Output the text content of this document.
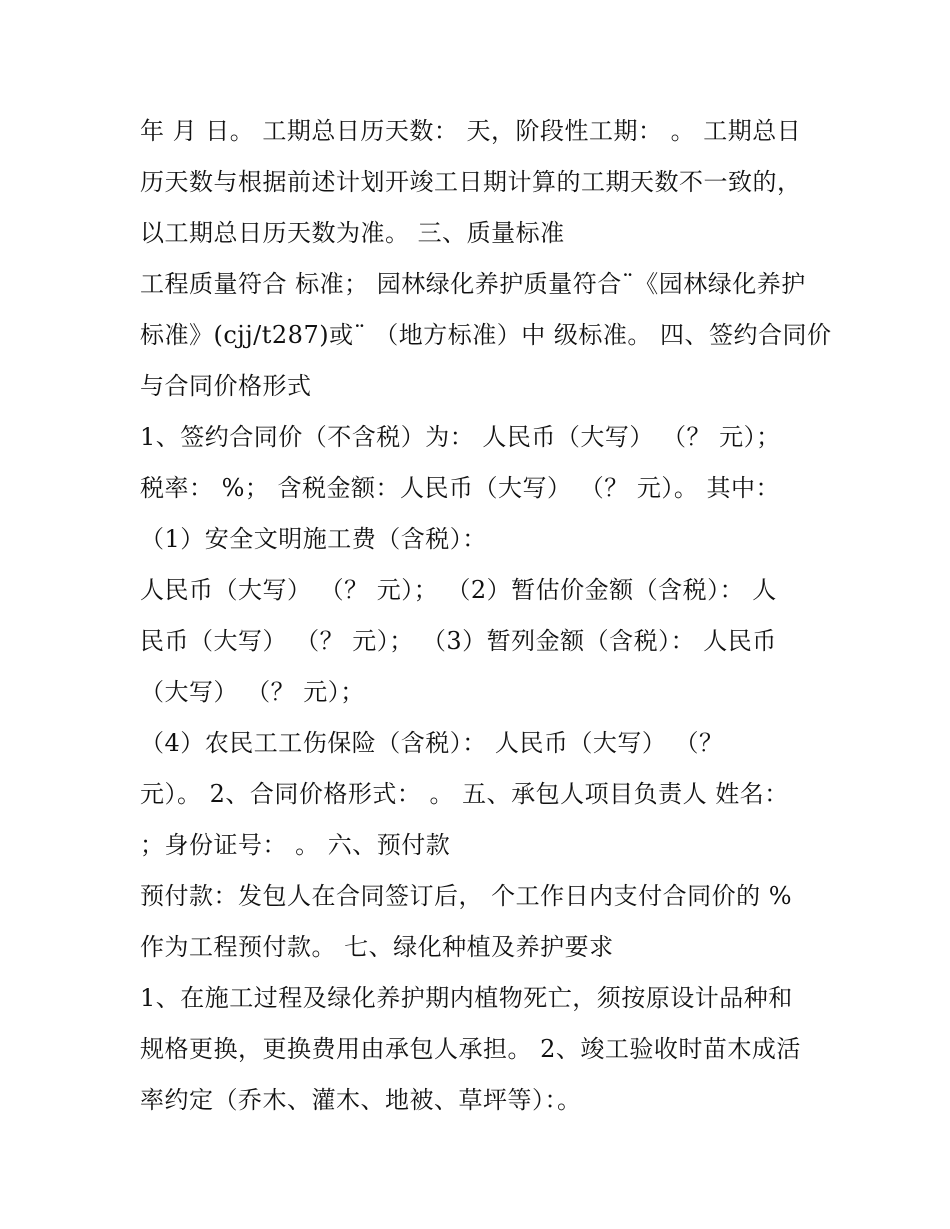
年 月 日。 工期总日历天数： 天，阶段性工期： 。 工期总日
历天数与根据前述计划开竣工日期计算的工期天数不一致的，
以工期总日历天数为准。 三、质量标准
工程质量符合 标准； 园林绿化养护质量符合¨《园林绿化养护
标准》(cjj/t287)或¨ （地方标准）中 级标准。 四、签约合同价
与合同价格形式
1、签约合同价（不含税）为： 人民币（大写） （？ 元）；
税率： %； 含税金额：人民币（大写） （？ 元）。 其中：
（1）安全文明施工费（含税）：
人民币（大写） （？ 元）； （2）暂估价金额（含税）： 人
民币（大写） （？ 元）； （3）暂列金额（含税）： 人民币
（大写） （？ 元）；
（4）农民工工伤保险（含税）： 人民币（大写） （？
元）。 2、合同价格形式： 。 五、承包人项目负责人 姓名：
；身份证号： 。 六、预付款
预付款：发包人在合同签订后， 个工作日内支付合同价的 %
作为工程预付款。 七、绿化种植及养护要求
1、在施工过程及绿化养护期内植物死亡，须按原设计品种和
规格更换，更换费用由承包人承担。 2、竣工验收时苗木成活
率约定（乔木、灌木、地被、草坪等）：。
